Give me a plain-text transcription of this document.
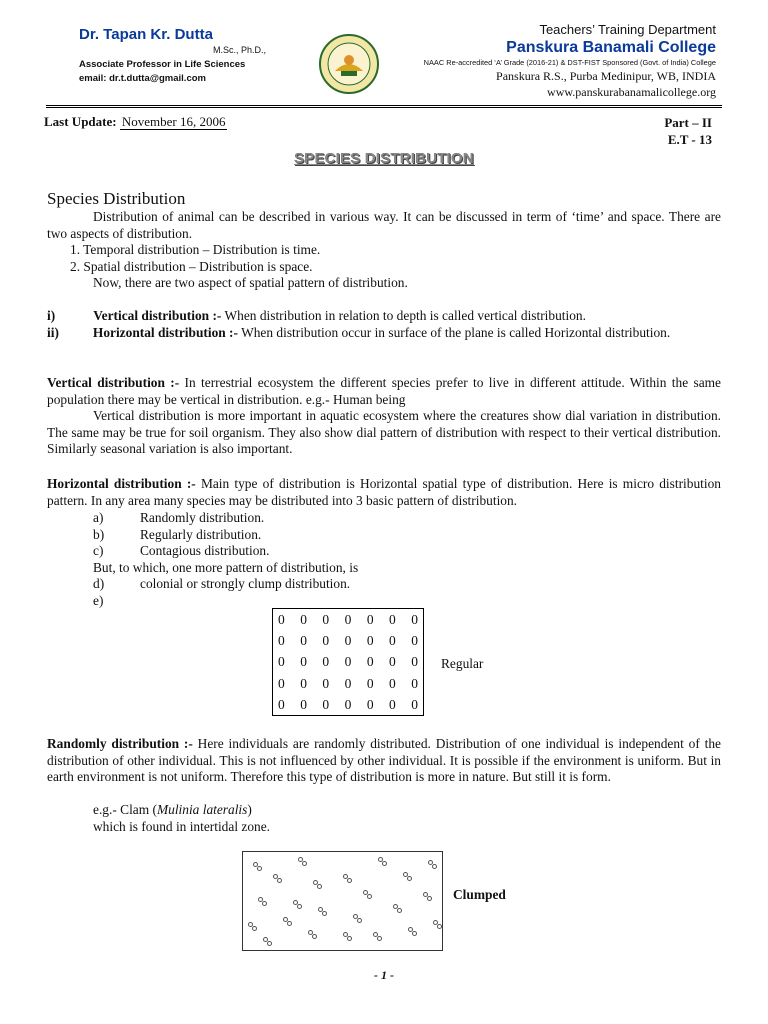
Dr. Tapan Kr. Dutta
M.Sc., Ph.D.,
Associate Professor in Life Sciences
email: dr.t.dutta@gmail.com
Teachers’ Training Department
Panskura Banamali College
NAAC Re-accredited ‘A’ Grade (2016-21) & DST-FIST Sponsored (Govt. of India) College
Panskura R.S., Purba Medinipur, WB, INDIA
www.panskurabanamalicollege.org
Last Update: November 16, 2006	Part – II
E.T - 13
SPECIES DISTRIBUTION
Species Distribution
Distribution of animal can be described in various way. It can be discussed in term of ‘time’ and space. There are two aspects of distribution.
1. Temporal distribution – Distribution is time.
2. Spatial distribution – Distribution is space.
Now, there are two aspect of spatial pattern of distribution.
i)	Vertical distribution :- When distribution in relation to depth is called vertical distribution.
ii)	Horizontal distribution :- When distribution occur in surface of the plane is called Horizontal distribution.
Vertical distribution :- In terrestrial ecosystem the different species prefer to live in different attitude. Within the same population there may be vertical in distribution. e.g.- Human being
Vertical distribution is more important in aquatic ecosystem where the creatures show dial variation in distribution. The same may be true for soil organism. They also show dial pattern of distribution with respect to their vertical distribution. Similarly seasonal variation is also important.
Horizontal distribution :- Main type of distribution is Horizontal spatial type of distribution. Here is micro distribution pattern. In any area many species may be distributed into 3 basic pattern of distribution.
a)	Randomly distribution.
b)	Regularly distribution.
c)	Contagious distribution.
But, to which, one more pattern of distribution, is
d)	colonial or strongly clump distribution.
e)
0 0 0 0 0 0 0
0 0 0 0 0 0 0
0 0 0 0 0 0 0
0 0 0 0 0 0 0
0 0 0 0 0 0 0
Regular
Randomly distribution :- Here individuals are randomly distributed. Distribution of one individual is independent of the distribution of other individual. This is not influenced by other individual. It is possible if the environment is uniform. But in earth environment is not uniform. Therefore this type of distribution is more in nature. But still it is form.
e.g.- Clam (Mulinia lateralis)
which is found in intertidal zone.
Clumped
- 1 -
